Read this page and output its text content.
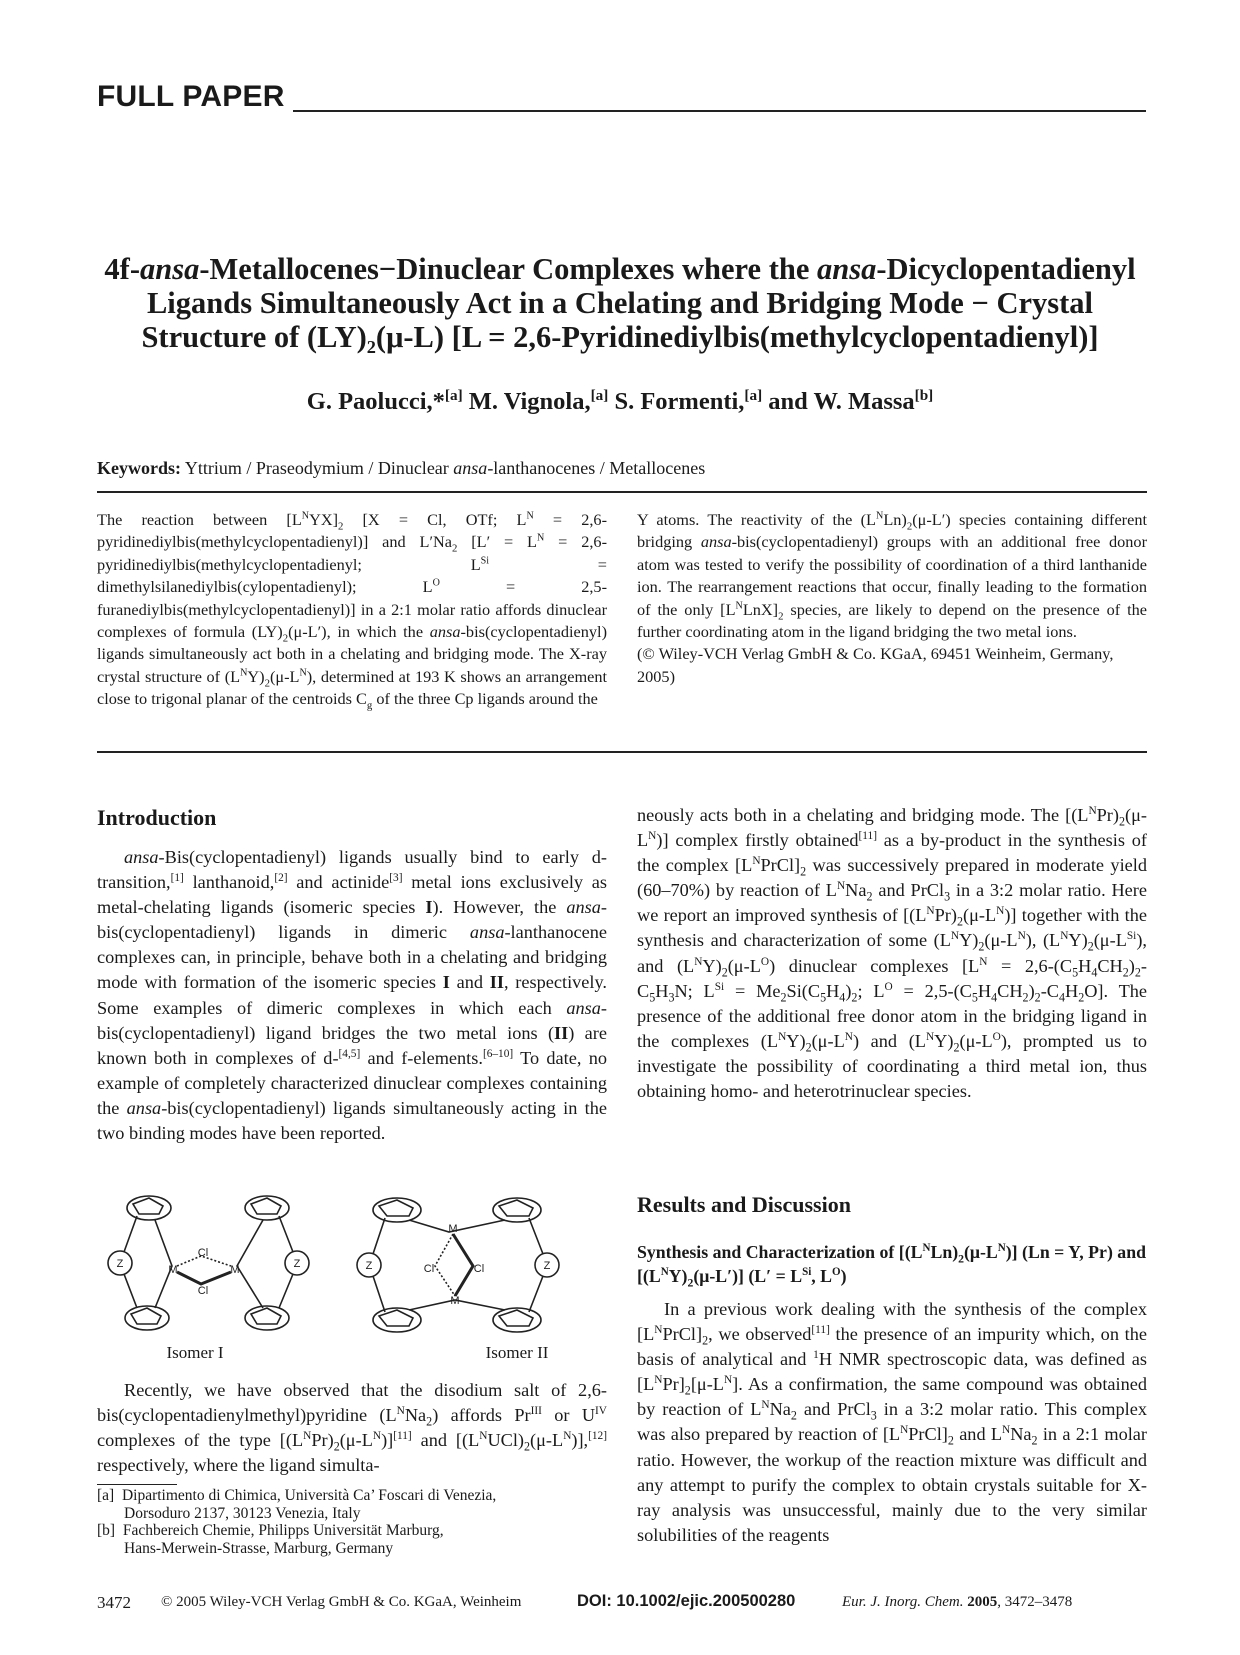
FULL PAPER
4f-ansa-Metallocenes−Dinuclear Complexes where the ansa-Dicyclopentadienyl
Ligands Simultaneously Act in a Chelating and Bridging Mode − Crystal
Structure of (LY)₂(μ-L) [L = 2,6-Pyridinediylbis(methylcyclopentadienyl)]
G. Paolucci,*[a] M. Vignola,[a] S. Formenti,[a] and W. Massa[b]
Keywords: Yttrium / Praseodymium / Dinuclear ansa-lanthanocenes / Metallocenes

The reaction between $[L^NYX]_2$ [X = Cl, OTf; $L^N$ = 2,6-pyridinediylbis(methylcyclopentadienyl)] and $L'Na_2$ [$L' = L^N$ = 2,6-pyridinediylbis(methylcyclopentadienyl; $L^{Si}$ = dimethylsilanediylbis(cylopentadienyl); $L^O$ = 2,5-furanediylbis(methylcyclopentadienyl)] in a 2:1 molar ratio affords dinuclear complexes of formula $(LY)_2(\mu-L')$, in which the ansa-bis(cyclopentadienyl) ligands simultaneously act both in a chelating and bridging mode. The X-ray crystal structure of $(L^NY)_2(\mu-L^N)$, determined at 193 K shows an arrangement close to trigonal planar of the centroids $C_g$ of the three Cp ligands around the

Y atoms. The reactivity of the $(L^NLn)_2(\mu-L')$ species containing different bridging ansa-bis(cyclopentadienyl) groups with an additional free donor atom was tested to verify the possibility of coordination of a third lanthanide ion. The rearrangement reactions that occur, finally leading to the formation of the only $[L^NLnX]_2$ species, are likely to depend on the presence of the further coordinating atom in the ligand bridging the two metal ions.

(© Wiley-VCH Verlag GmbH & Co. KGaA, 69451 Weinheim, Germany, 2005)

Introduction

ansa-Bis(cyclopentadienyl) ligands usually bind to early d-transition,[1] lanthanoid,[2] and actinide[3] metal ions exclusively as metal-chelating ligands (isomeric species I). However, the ansa-bis(cyclopentadienyl) ligands in dimeric ansa-lanthanocene complexes can, in principle, behave both in a chelating and bridging mode with formation of the isomeric species I and II, respectively. Some examples of dimeric complexes in which each ansa-bis(cyclopentadienyl) ligand bridges the two metal ions (II) are known both in complexes of d-[4,5] and f-elements.[6–10] To date, no example of completely characterized dinuclear complexes containing the ansa-bis(cyclopentadienyl) ligands simultaneously acting in the two binding modes have been reported.

Z	Z	Z	Z
M	M
Cl
Cl
M
M
Cl	Cl
Isomer I	Isomer II

Recently, we have observed that the disodium salt of 2,6-bis(cyclopentadienylmethyl)pyridine $(L^NNa_2)$ affords $Pr^{III}$ or $U^{IV}$ complexes of the type $[(L^NPr)_2(\mu-L^N)][11]$ and $[(L^NUCl)_2(\mu-L^N)],[12]$ respectively, where the ligand simulta-

[a] Dipartimento di Chimica, Università Ca’ Foscari di Venezia,
Dorsoduro 2137, 30123 Venezia, Italy
[b] Fachbereich Chemie, Philipps Universität Marburg,
Hans-Merwein-Strasse, Marburg, Germany

neously acts both in a chelating and bridging mode. The $[(L^NPr)_2(\mu-L^N)]$ complex firstly obtained[11] as a by-product in the synthesis of the complex $[L^NPrCl]_2$ was successively prepared in moderate yield (60–70%) by reaction of $L^NNa_2$ and PrCl$_3$ in a 3:2 molar ratio. Here we report an improved synthesis of $[(L^NPr)_2(\mu-L^N)]$ together with the synthesis and characterization of some $(L^NY)_2(\mu-L^N)$, $(L^NY)_2(\mu-L^{Si})$, and $(L^NY)_2(\mu-L^O)$ dinuclear complexes [$L^N = 2,6-(C_5H_4CH_2)_2-C_5H_3N$; $L^{Si} = Me_2Si(C_5H_4)_2$; $L^O = 2,5-(C_5H_4CH_2)_2-C_4H_2O$]. The presence of the additional free donor atom in the bridging ligand in the complexes $(L^NY)_2(\mu-L^N)$ and $(L^NY)_2(\mu-L^O)$, prompted us to investigate the possibility of coordinating a third metal ion, thus obtaining homo- and heterotrinuclear species.

Results and Discussion
Synthesis and Characterization of $[(L^NLn)_2(\mu-L^N)] (Ln = Y$, Pr) and $[(L^NY)_2(\mu-L')] (L' = L^{Si}$, $L^O$)

In a previous work dealing with the synthesis of the complex $[L^NPrCl]_2$, we observed[11] the presence of an impurity which, on the basis of analytical and $^1$H NMR spectroscopic data, was defined as $[L^NPr]_2[\mu-L^N]$. As a confirmation, the same compound was obtained by reaction of $L^NNa_2$ and PrCl$_3$ in a 3:2 molar ratio. This complex was also prepared by reaction of $[L^NPrCl]_2$ and $L^NNa_2$ in a 2:1 molar ratio. However, the workup of the reaction mixture was difficult and any attempt to purify the complex to obtain crystals suitable for X-ray analysis was unsuccessful, mainly due to the very similar solubilities of the reagents

3472 © 2005 Wiley-VCH Verlag GmbH & Co. KGaA, Weinheim	DOI: 10.1002/ejic.200500280	Eur. J. Inorg. Chem. 2005, 3472–3478
